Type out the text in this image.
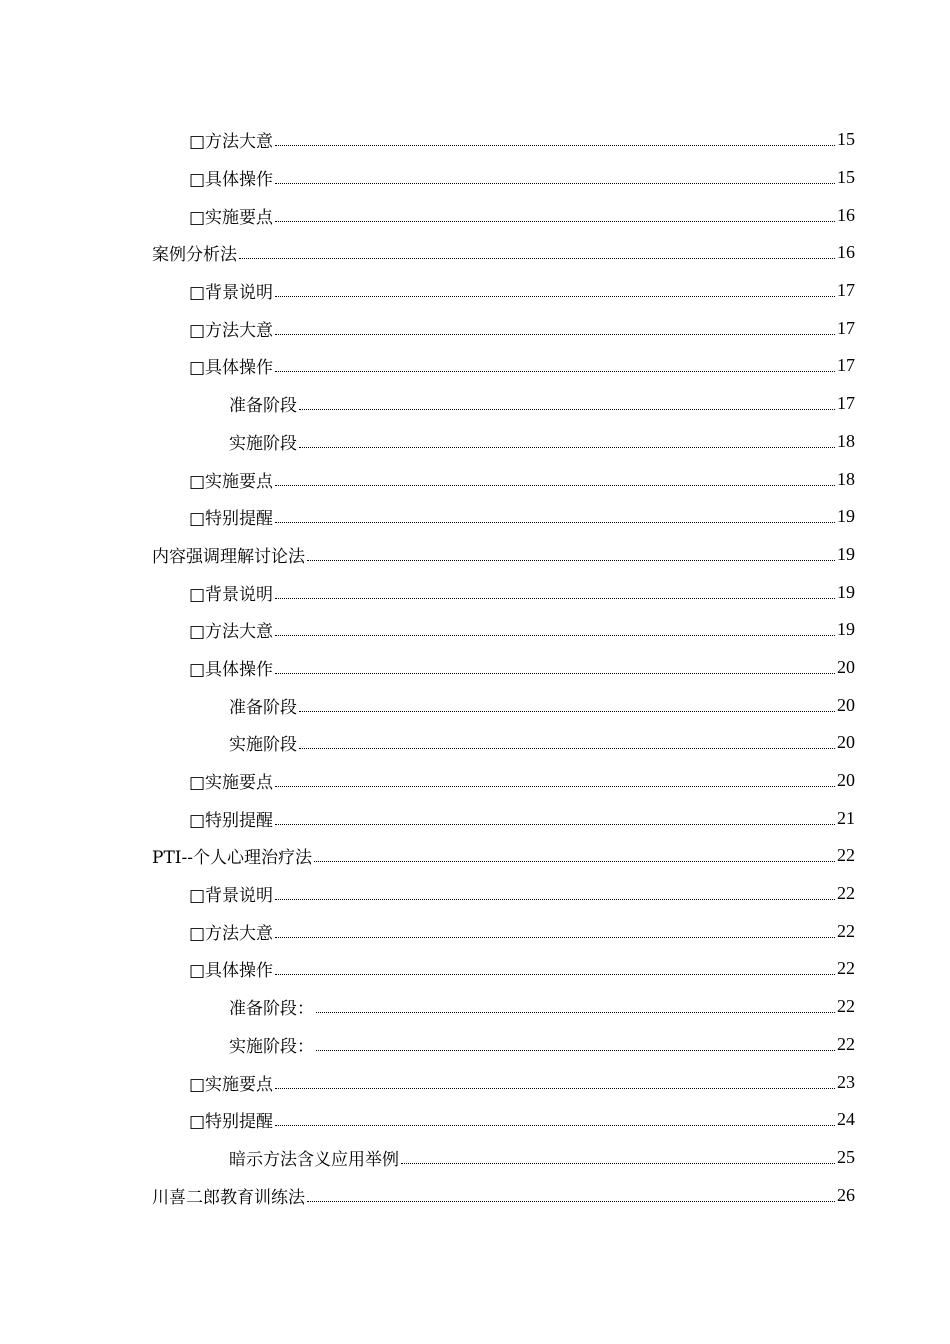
□方法大意	15
□具体操作	15
□实施要点	16
案例分析法	16
□背景说明	17
□方法大意	17
□具体操作	17
准备阶段	17
实施阶段	18
□实施要点	18
□特别提醒	19
内容强调理解讨论法	19
□背景说明	19
□方法大意	19
□具体操作	20
准备阶段	20
实施阶段	20
□实施要点	20
□特别提醒	21
PTI--个人心理治疗法	22
□背景说明	22
□方法大意	22
□具体操作	22
准备阶段：	22
实施阶段：	22
□实施要点	23
□特别提醒	24
暗示方法含义应用举例	25
川喜二郎教育训练法	26
